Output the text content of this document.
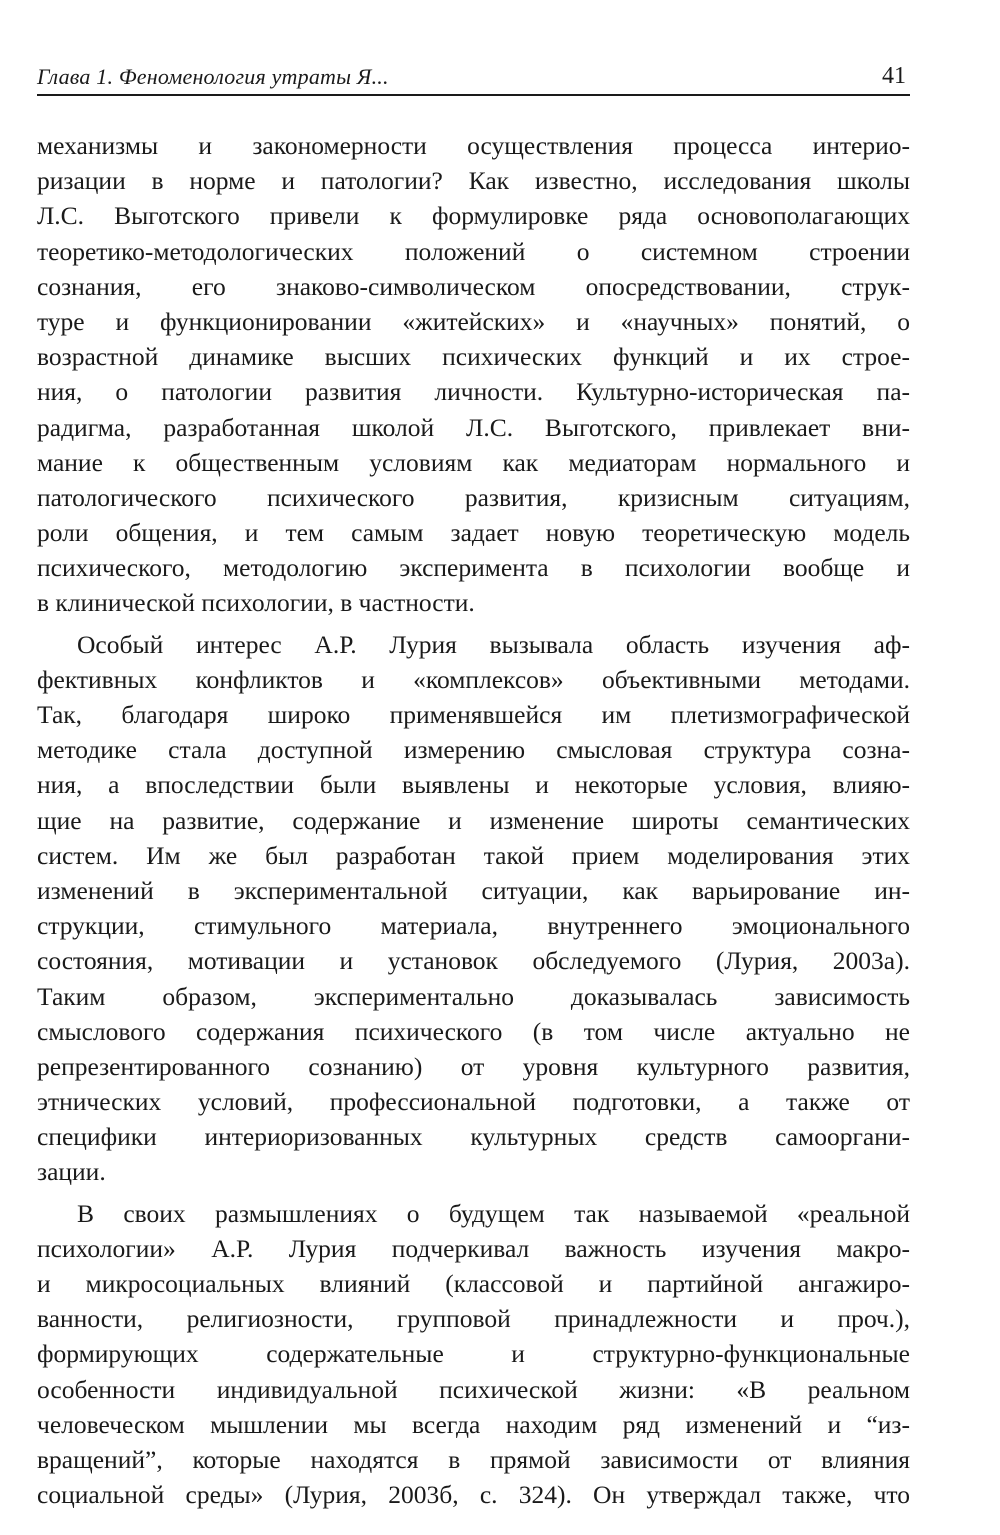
Глава 1. Феноменология утраты Я...	41
механизмы и закономерности осуществления процесса интерио-
ризации в норме и патологии? Как известно, исследования школы
Л.С. Выготского привели к формулировке ряда основополагающих
теоретико-методологических положений о системном строении
сознания, его знаково-символическом опосредствовании, струк-
туре и функционировании «житейских» и «научных» понятий, о
возрастной динамике высших психических функций и их строе-
ния, о патологии развития личности. Культурно-историческая па-
радигма, разработанная школой Л.С. Выготского, привлекает вни-
мание к общественным условиям как медиаторам нормального и
патологического психического развития, кризисным ситуациям,
роли общения, и тем самым задает новую теоретическую модель
психического, методологию эксперимента в психологии вообще и
в клинической психологии, в частности.
Особый интерес А.Р. Лурия вызывала область изучения аф-
фективных конфликтов и «комплексов» объективными методами.
Так, благодаря широко применявшейся им плетизмографической
методике стала доступной измерению смысловая структура созна-
ния, а впоследствии были выявлены и некоторые условия, влияю-
щие на развитие, содержание и изменение широты семантических
систем. Им же был разработан такой прием моделирования этих
изменений в экспериментальной ситуации, как варьирование ин-
струкции, стимульного материала, внутреннего эмоционального
состояния, мотивации и установок обследуемого (Лурия, 2003а).
Таким образом, экспериментально доказывалась зависимость
смыслового содержания психического (в том числе актуально не
репрезентированного сознанию) от уровня культурного развития,
этнических условий, профессиональной подготовки, а также от
специфики интериоризованных культурных средств самооргани-
зации.
В своих размышлениях о будущем так называемой «реальной
психологии» А.Р. Лурия подчеркивал важность изучения макро-
и микросоциальных влияний (классовой и партийной ангажиро-
ванности, религиозности, групповой принадлежности и проч.),
формирующих содержательные и структурно-функциональные
особенности индивидуальной психической жизни: «В реальном
человеческом мышлении мы всегда находим ряд изменений и “из-
вращений”, которые находятся в прямой зависимости от влияния
социальной среды» (Лурия, 2003б, с. 324). Он утверждал также, что
